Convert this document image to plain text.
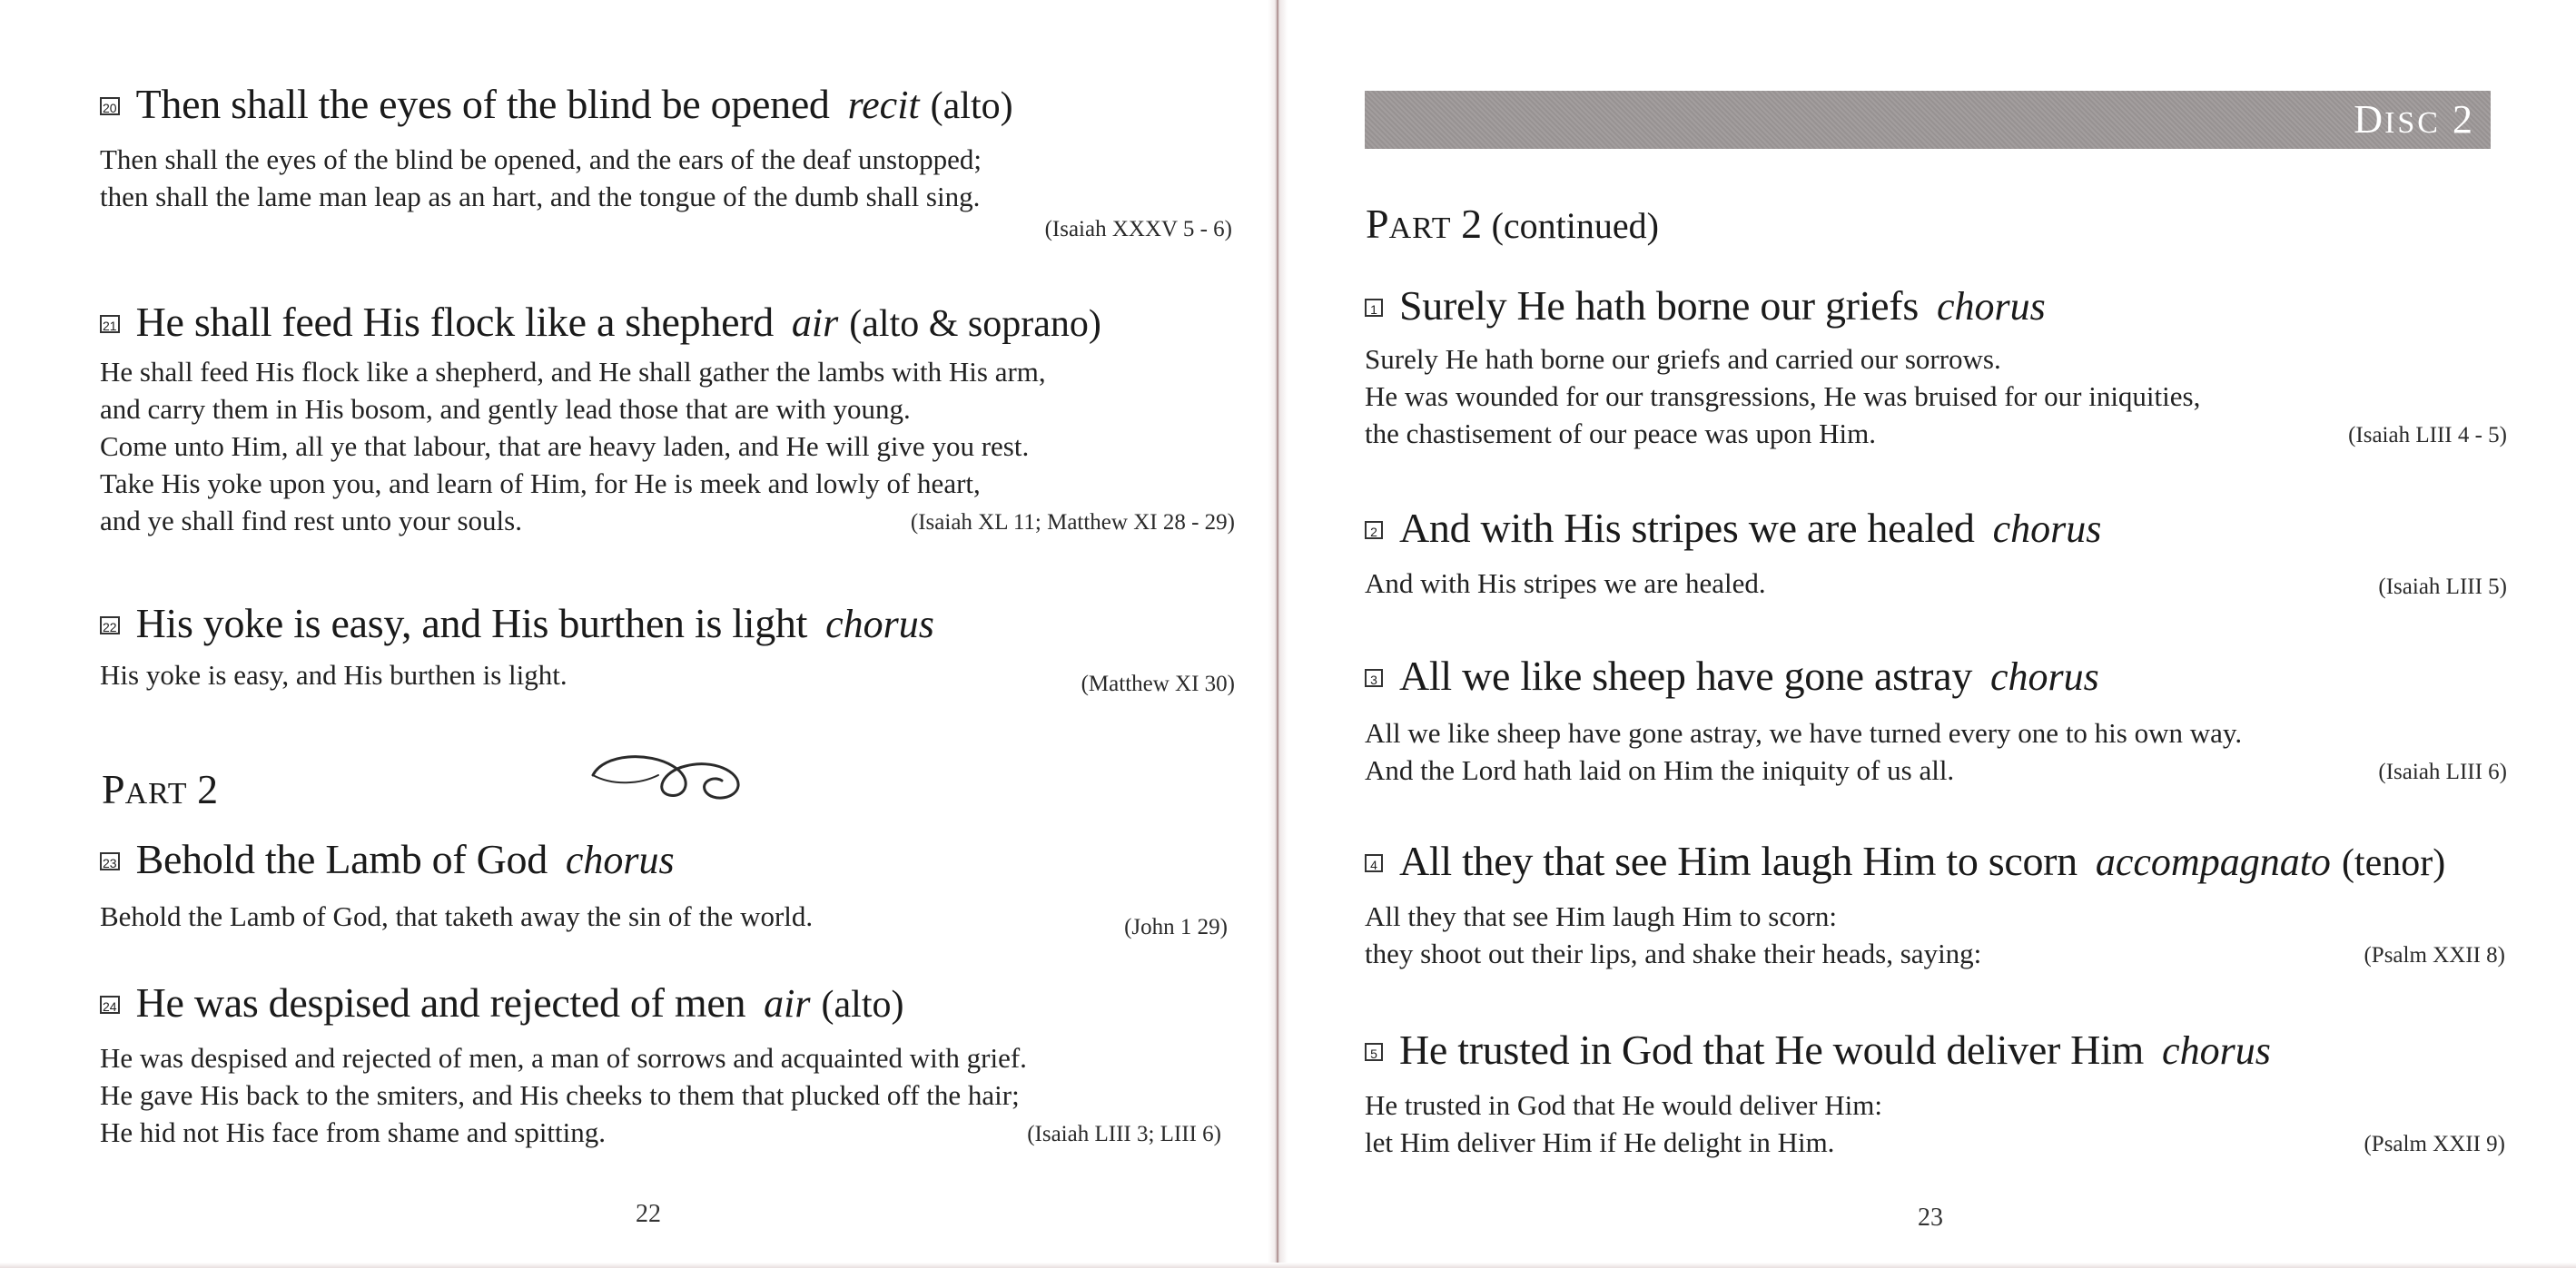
20 Then shall the eyes of the blind be opened recit (alto)
Then shall the eyes of the blind be opened, and the ears of the deaf unstopped;
then shall the lame man leap as an hart, and the tongue of the dumb shall sing.
(Isaiah XXXV 5 - 6)
21 He shall feed His flock like a shepherd air (alto & soprano)
He shall feed His flock like a shepherd, and He shall gather the lambs with His arm,
and carry them in His bosom, and gently lead those that are with young.
Come unto Him, all ye that labour, that are heavy laden, and He will give you rest.
Take His yoke upon you, and learn of Him, for He is meek and lowly of heart,
and ye shall find rest unto your souls.	(Isaiah XL 11; Matthew XI 28 - 29)
22 His yoke is easy, and His burthen is light chorus
His yoke is easy, and His burthen is light.	(Matthew XI 30)
PART 2
23 Behold the Lamb of God chorus
Behold the Lamb of God, that taketh away the sin of the world.	(John 1 29)
24 He was despised and rejected of men air (alto)
He was despised and rejected of men, a man of sorrows and acquainted with grief.
He gave His back to the smiters, and His cheeks to them that plucked off the hair;
He hid not His face from shame and spitting.	(Isaiah LIII 3; LIII 6)
22
DISC 2
PART 2 (continued)
1 Surely He hath borne our griefs chorus
Surely He hath borne our griefs and carried our sorrows.
He was wounded for our transgressions, He was bruised for our iniquities,
the chastisement of our peace was upon Him.	(Isaiah LIII 4 - 5)
2 And with His stripes we are healed chorus
And with His stripes we are healed.	(Isaiah LIII 5)
3 All we like sheep have gone astray chorus
All we like sheep have gone astray, we have turned every one to his own way.
And the Lord hath laid on Him the iniquity of us all.	(Isaiah LIII 6)
4 All they that see Him laugh Him to scorn accompagnato (tenor)
All they that see Him laugh Him to scorn:
they shoot out their lips, and shake their heads, saying:	(Psalm XXII 8)
5 He trusted in God that He would deliver Him chorus
He trusted in God that He would deliver Him:
let Him deliver Him if He delight in Him.	(Psalm XXII 9)
23
